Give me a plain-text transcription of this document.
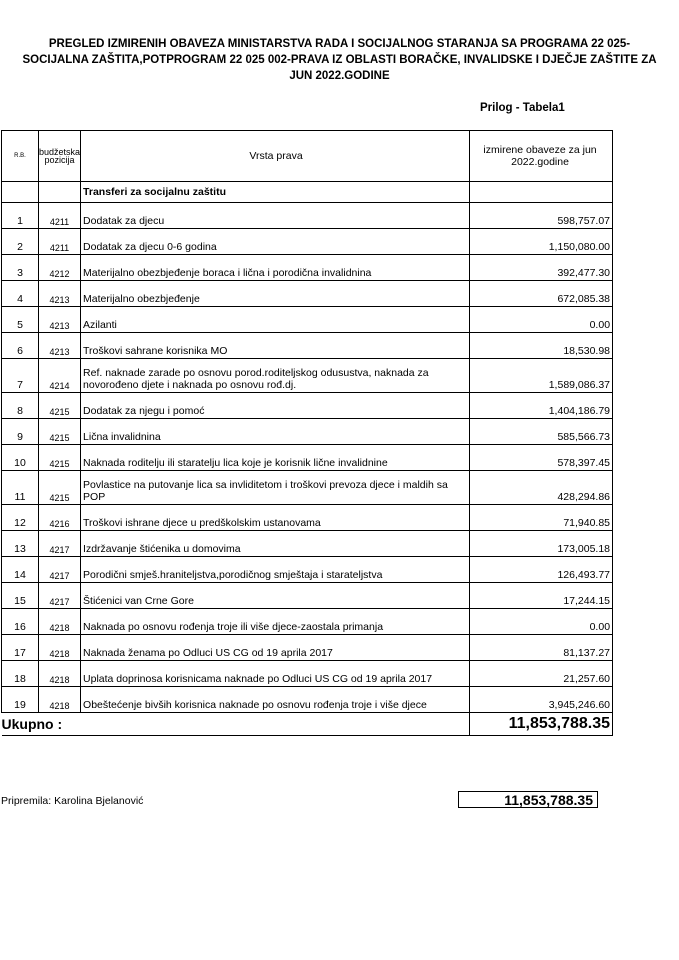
PREGLED IZMIRENIH OBAVEZA MINISTARSTVA RADA I SOCIJALNOG STARANJA SA PROGRAMA 22 025-
SOCIJALNA ZAŠTITA,POTPROGRAM 22 025 002-PRAVA IZ OBLASTI BORAČKE, INVALIDSKE I DJEČJE ZAŠTITE ZA
JUN 2022.GODINE
Prilog - Tabela1
R.B.	budžetska pozicija	Vrsta prava	izmirene obaveze za jun 2022.godine
		Transferi za socijalnu zaštitu	
1	4211	Dodatak za djecu	598,757.07
2	4211	Dodatak za djecu 0-6 godina	1,150,080.00
3	4212	Materijalno obezbjeđenje boraca i lična i porodična invalidnina	392,477.30
4	4213	Materijalno obezbjeđenje	672,085.38
5	4213	Azilanti	0.00
6	4213	Troškovi sahrane korisnika MO	18,530.98
7	4214	Ref. naknade zarade po osnovu porod.roditeljskog odusustva, naknada za novorođeno djete i naknada po osnovu rođ.dj.	1,589,086.37
8	4215	Dodatak za njegu i pomoć	1,404,186.79
9	4215	Lična invalidnina	585,566.73
10	4215	Naknada roditelju ili staratelju lica koje je korisnik lične invalidnine	578,397.45
11	4215	Povlastice na putovanje lica sa invliditetom i troškovi prevoza djece i maldih sa POP	428,294.86
12	4216	Troškovi ishrane djece u predškolskim ustanovama	71,940.85
13	4217	Izdržavanje štićenika u domovima	173,005.18
14	4217	Porodični smješ.hraniteljstva,porodičnog smještaja i starateljstva	126,493.77
15	4217	Štićenici van Crne Gore	17,244.15
16	4218	Naknada po osnovu rođenja troje ili više djece-zaostala primanja	0.00
17	4218	Naknada ženama po Odluci US CG od 19 aprila 2017	81,137.27
18	4218	Uplata doprinosa korisnicama naknade po Odluci US CG od 19 aprila 2017	21,257.60
19	4218	Obeštećenje bivših korisnica naknade po osnovu rođenja troje i više djece	3,945,246.60
Ukupno :			11,853,788.35
Pripremila: Karolina Bjelanović	11,853,788.35
